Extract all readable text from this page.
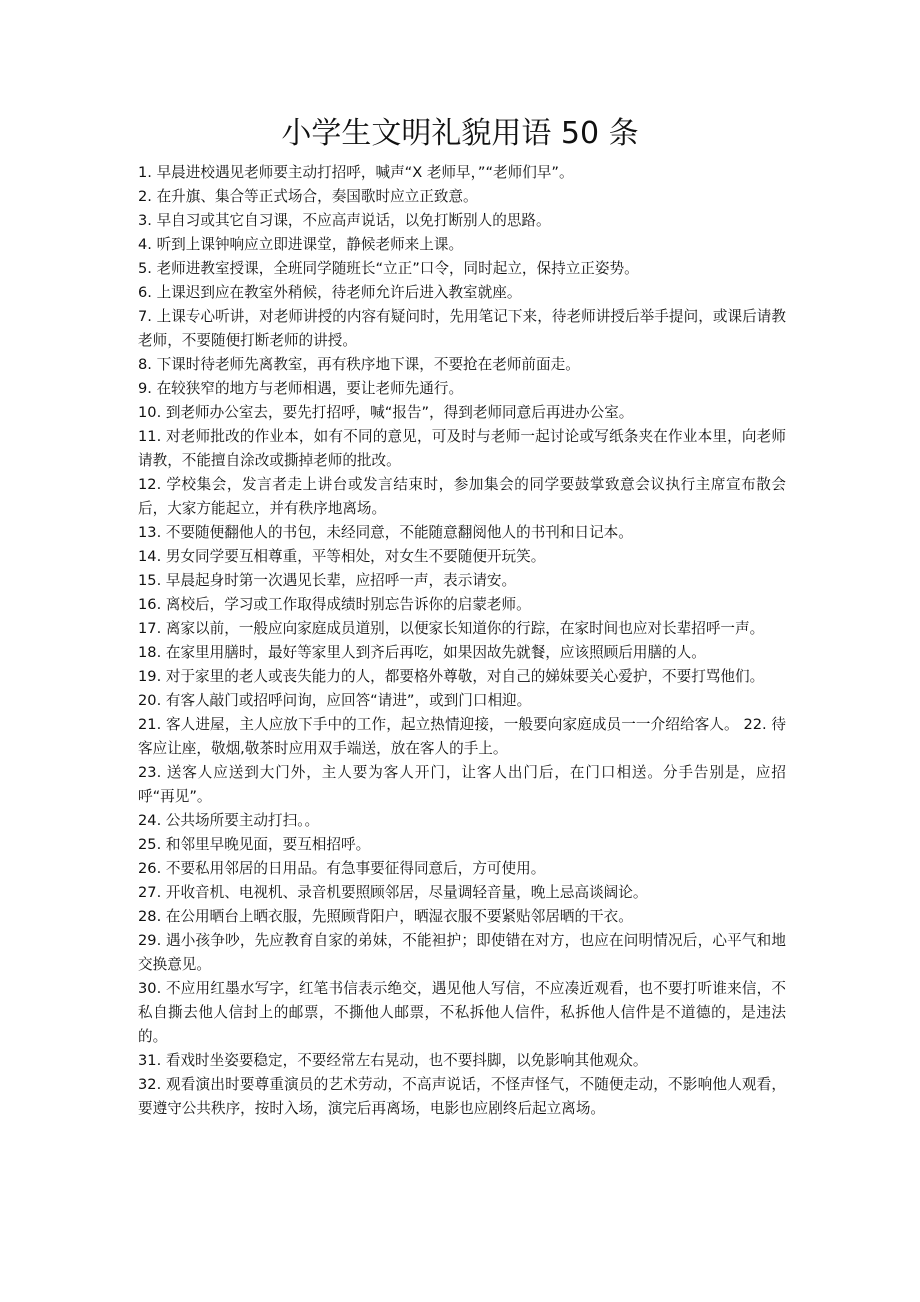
小学生文明礼貌用语 50 条

1. 早晨进校遇见老师要主动打招呼，喊声“X 老师早，”“老师们早”。

2. 在升旗、集合等正式场合，奏国歌时应立正致意。

3. 早自习或其它自习课，不应高声说话，以免打断别人的思路。

4. 听到上课钟响应立即进课堂，静候老师来上课。

5. 老师进教室授课，全班同学随班长“立正”口令，同时起立，保持立正姿势。

6. 上课迟到应在教室外稍候，待老师允许后进入教室就座。

7. 上课专心听讲，对老师讲授的内容有疑问时，先用笔记下来，待老师讲授后举手提问，或课后请教老师，不要随便打断老师的讲授。

8. 下课时待老师先离教室，再有秩序地下课，不要抢在老师前面走。

9. 在较狭窄的地方与老师相遇，要让老师先通行。

10. 到老师办公室去，要先打招呼，喊“报告”，得到老师同意后再进办公室。

11. 对老师批改的作业本，如有不同的意见，可及时与老师一起讨论或写纸条夹在作业本里，向老师请教，不能擅自涂改或撕掉老师的批改。

12. 学校集会，发言者走上讲台或发言结束时，参加集会的同学要鼓掌致意会议执行主席宣布散会后，大家方能起立，并有秩序地离场。

13. 不要随便翻他人的书包，未经同意，不能随意翻阅他人的书刊和日记本。

14. 男女同学要互相尊重，平等相处，对女生不要随便开玩笑。

15. 早晨起身时第一次遇见长辈，应招呼一声，表示请安。

16. 离校后，学习或工作取得成绩时别忘告诉你的启蒙老师。

17. 离家以前，一般应向家庭成员道别，以便家长知道你的行踪，在家时间也应对长辈招呼一声。

18. 在家里用膳时，最好等家里人到齐后再吃，如果因故先就餐，应该照顾后用膳的人。

19. 对于家里的老人或丧失能力的人，都要格外尊敬，对自己的娣妹要关心爱护，不要打骂他们。

20. 有客人敲门或招呼问询，应回答“请进”，或到门口相迎。

21. 客人进屋，主人应放下手中的工作，起立热情迎接，一般要向家庭成员一一介绍给客人。 22. 待客应让座，敬烟,敬茶时应用双手端送，放在客人的手上。

23. 送客人应送到大门外，主人要为客人开门，让客人出门后，在门口相送。分手告别是，应招呼“再见”。

24. 公共场所要主动打扫。。

25. 和邻里早晚见面，要互相招呼。

26. 不要私用邻居的日用品。有急事要征得同意后，方可使用。

27. 开收音机、电视机、录音机要照顾邻居，尽量调轻音量，晚上忌高谈阔论。

28. 在公用晒台上晒衣服，先照顾背阳户，晒湿衣服不要紧贴邻居晒的干衣。

29. 遇小孩争吵，先应教育自家的弟妹，不能袒护；即使错在对方，也应在问明情况后，心平气和地交换意见。

30. 不应用红墨水写字，红笔书信表示绝交，遇见他人写信，不应凑近观看，也不要打听谁来信，不私自撕去他人信封上的邮票，不撕他人邮票，不私拆他人信件，私拆他人信件是不道德的，是违法的。

31. 看戏时坐姿要稳定，不要经常左右晃动，也不要抖脚，以免影响其他观众。

32. 观看演出时要尊重演员的艺术劳动，不高声说话，不怪声怪气，不随便走动，不影响他人观看，要遵守公共秩序，按时入场，演完后再离场，电影也应剧终后起立离场。
